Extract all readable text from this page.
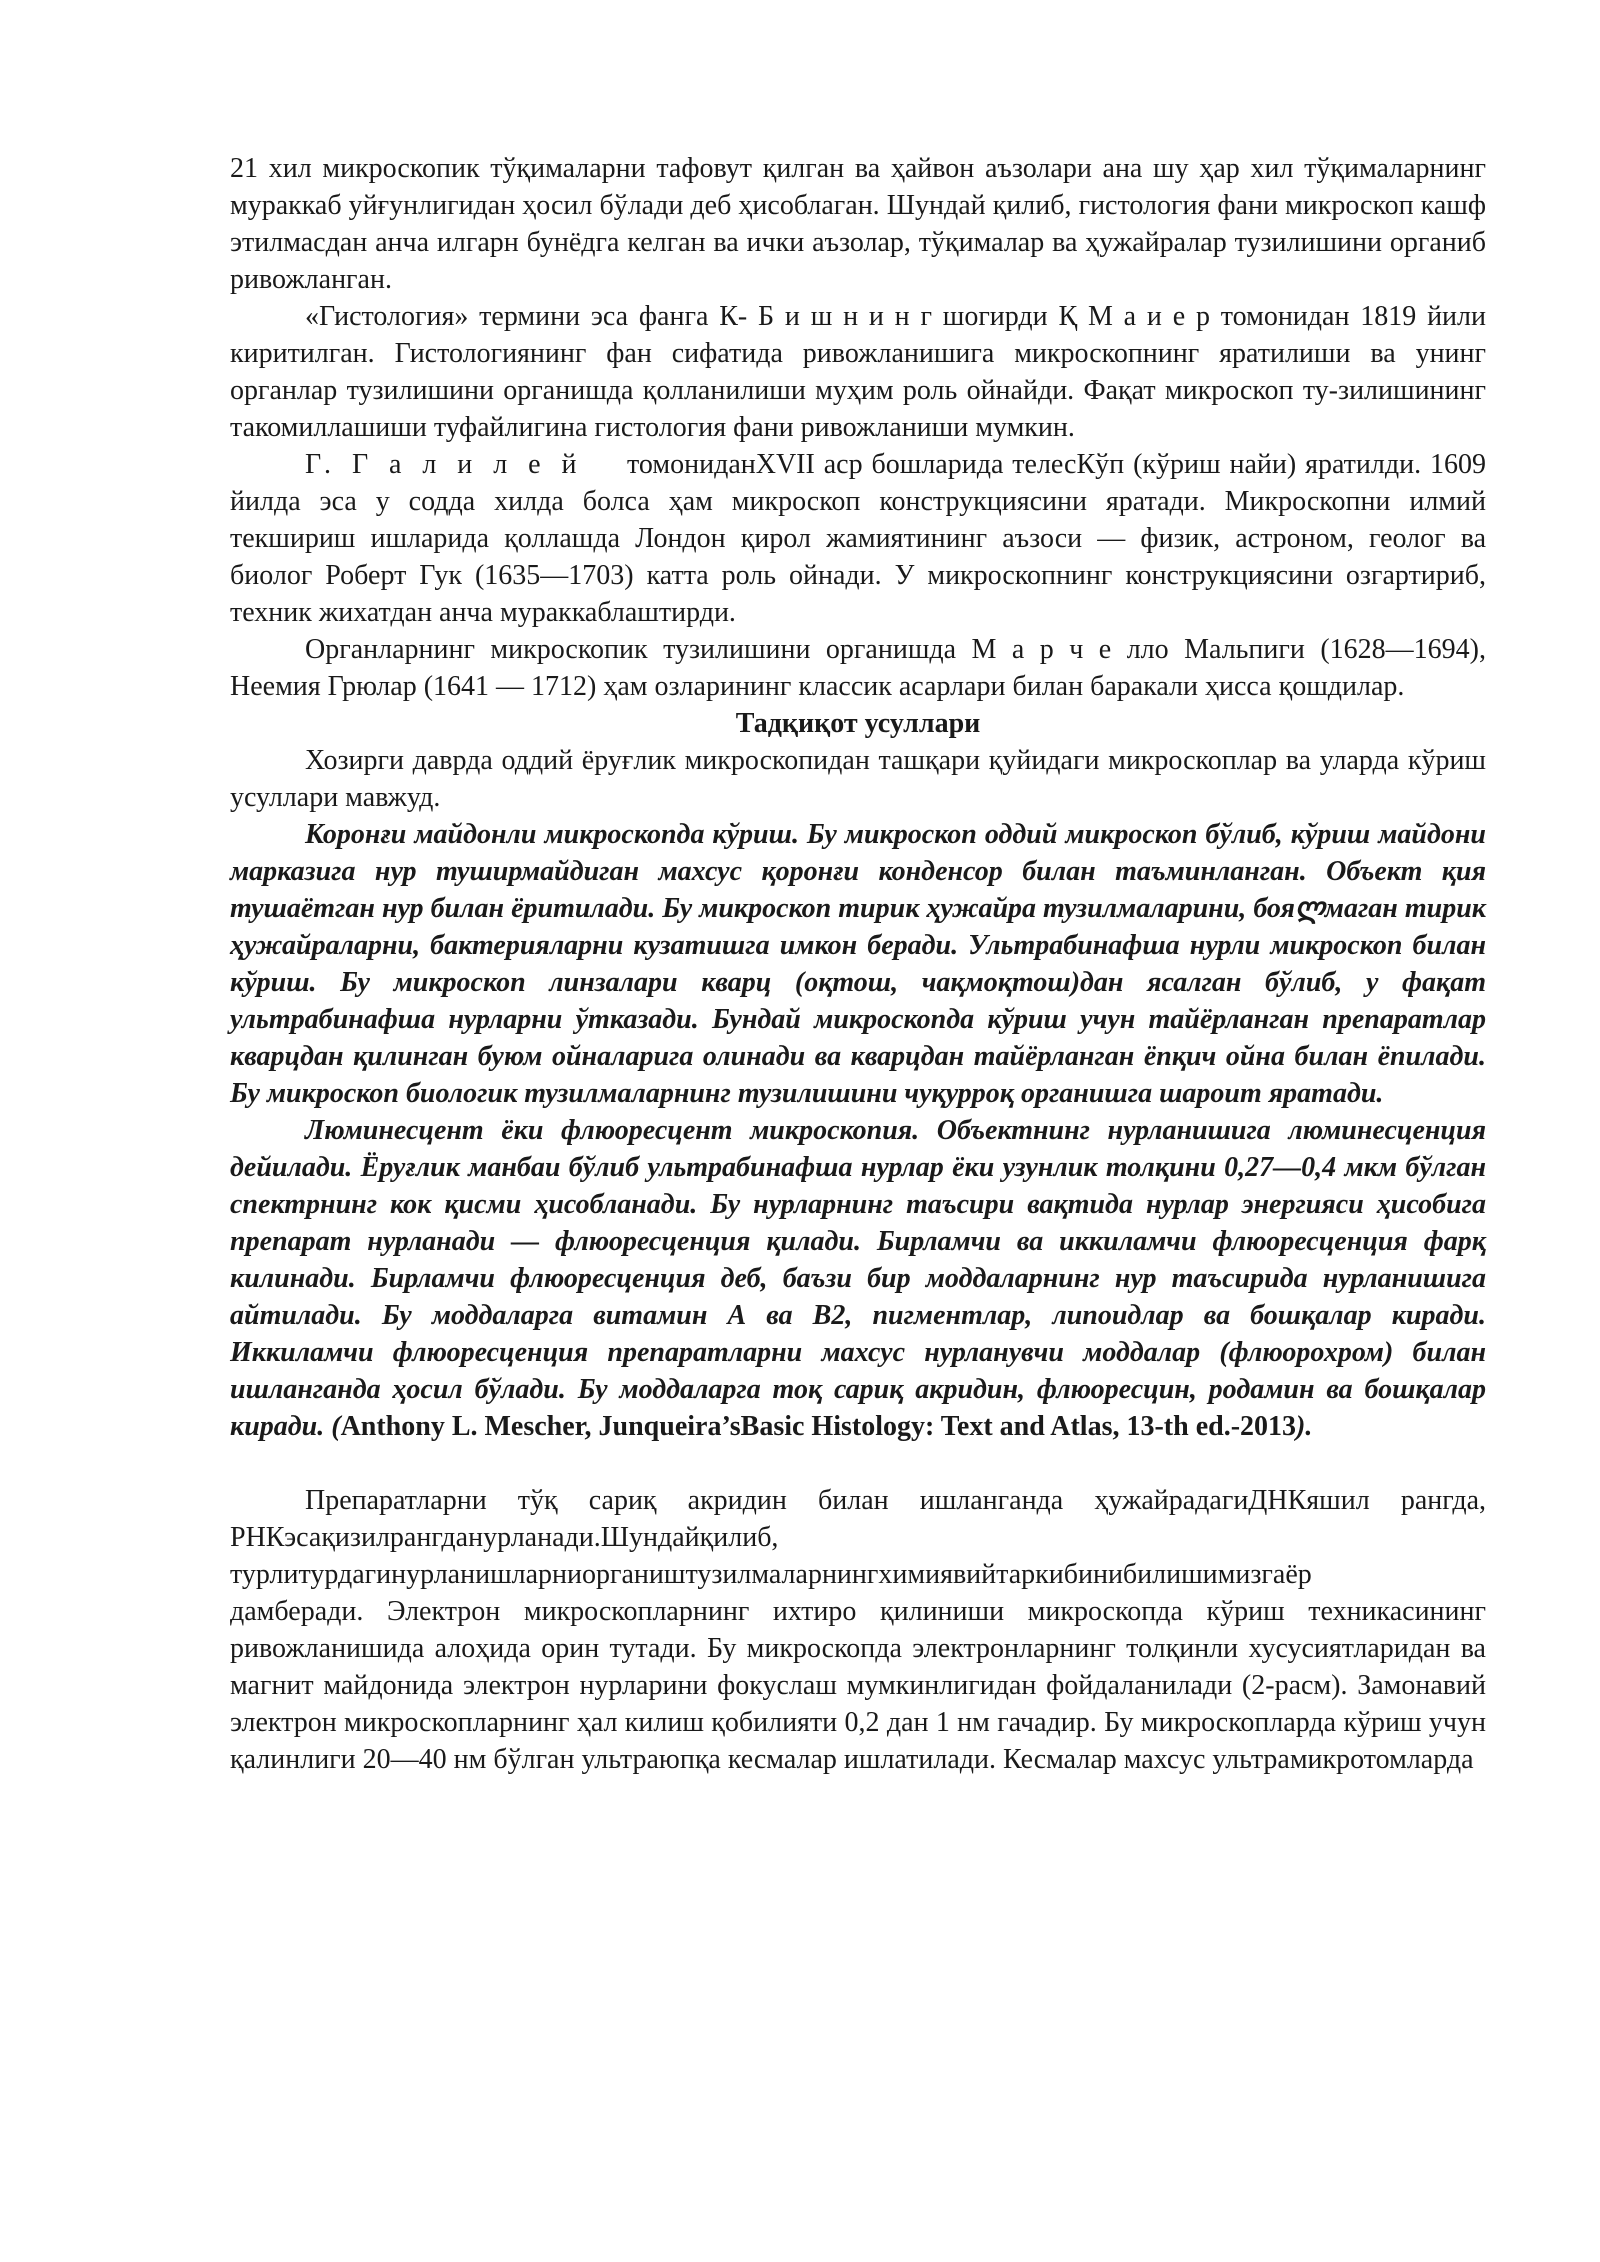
21 хил микроскопик тўқималарни тафовут қилган ва ҳайвон аъзолари ана шу ҳар хил тўқималарнинг мураккаб уйғунлигидан ҳосил бўлади деб ҳисоблаган. Шундай қилиб, гистология фани микроскоп кашф этилмасдан анча илгарн бунёдга келган ва ички аъзолар, тўқималар ва ҳужайралар тузилишини органиб ривожланган.

«Гистология» термини эса фанга К- Б и ш н и н г шогирди Қ М а и е р томонидан 1819 йили киритилган. Гистологиянинг фан сифатида ривожланишига микроскопнинг яратилиши ва унинг органлар тузилишини органишда қолланилиши муҳим роль ойнайди. Фақат микроскоп ту-зилишининг такомиллашиши туфайлигина гистология фани ривожланиши мумкин.

Г. Г а л и л е й томониданXVII аср бошларида телесКўп (кўриш найи) яратилди. 1609 йилда эса у содда хилда болса ҳам микроскоп конструкциясини яратади. Микроскопни илмий текшириш ишларида қоллашда Лондон қирол жамиятининг аъзоси — физик, астроном, геолог ва биолог Роберт Гук (1635—1703) катта роль ойнади. У микроскопнинг конструкциясини озгартириб, техник жихатдан анча мураккаблаштирди.

Органларнинг микроскопик тузилишини органишда М а р ч е лло Мальпиги (1628—1694), Неемия Грюлар (1641 — 1712) ҳам озларининг классик асарлари билан баракали ҳисса қошдилар.

Тадқиқот усуллари

Хозирги даврда оддий ёруғлик микроскопидан ташқари қуйидаги микроскоплар ва уларда кўриш усуллари мавжуд.

Коронғи майдонли микроскопда кўриш. Бу микроскоп оддий микроскоп бўлиб, кўриш майдони марказига нур туширмайдиган махсус қоронғи конденсор билан таъминланган. Объект қия тушаётган нур билан ёритилади. Бу микроскоп тирик ҳужайра тузилмаларини, бояლмаган тирик ҳужайраларни, бактерияларни кузатишга имкон беради. Ультрабинафша нурли микроскоп билан кўриш. Бу микроскоп линзалари кварц (оқтош, чақмоқтош)дан ясалган бўлиб, у фақат ультрабинафша нурларни ўтказади. Бундай микроскопда кўриш учун тайёрланган препаратлар кварцдан қилинган буюм ойналарига олинади ва кварцдан тайёрланган ёпқич ойна билан ёпилади. Бу микроскоп биологик тузилмаларнинг тузилишини чуқурроқ органишга шароит яратади.

Люминесцент ёки флюоресцент микроскопия. Объектнинг нурланишига люминесценция дейилади. Ёруғлик манбаи бўлиб ультрабинафша нурлар ёки узунлик толқини 0,27—0,4 мкм бўлган спектрнинг кок қисми ҳисобланади. Бу нурларнинг таъсири вақтида нурлар энергияси ҳисобига препарат нурланади — флюоресценция қилади. Бирламчи ва иккиламчи флюоресценция фарқ килинади. Бирламчи флюоресценция деб, баъзи бир моддаларнинг нур таъсирида нурланишига айтилади. Бу моддаларга витамин А ва В2, пигментлар, липоидлар ва бошқалар киради. Иккиламчи флюоресценция препаратларни махсус нурланувчи моддалар (флюорохром) билан ишланганда ҳосил бўлади. Бу моддаларга тоқ сариқ акридин, флюоресцин, родамин ва бошқалар киради. (Anthony L. Mescher, Junqueira’sBasic Histology: Text and Atlas, 13-th ed.-2013).

Препаратларни тўқ сариқ акридин билан ишланганда ҳужайрадагиДНКяшил рангда, РНКэсақизилрангданурланади.Шундайқилиб,

турлитурдагинурланишларниоргаништузилмаларнингхимиявийтаркибинибилишимизгаёр

дамберади. Электрон микроскопларнинг ихтиро қилиниши микроскопда кўриш техникасининг ривожланишида алоҳида орин тутади. Бу микроскопда электронларнинг толқинли хусусиятларидан ва магнит майдонида электрон нурларини фокуслаш мумкинлигидан фойдаланилади (2-расм). Замонавий электрон микроскопларнинг ҳал килиш қобилияти 0,2 дан 1 нм гачадир. Бу микроскопларда кўриш учун қалинлиги 20—40 нм бўлган ультраюпқа кесмалар ишлатилади. Кесмалар махсус ультрамикротомларда
